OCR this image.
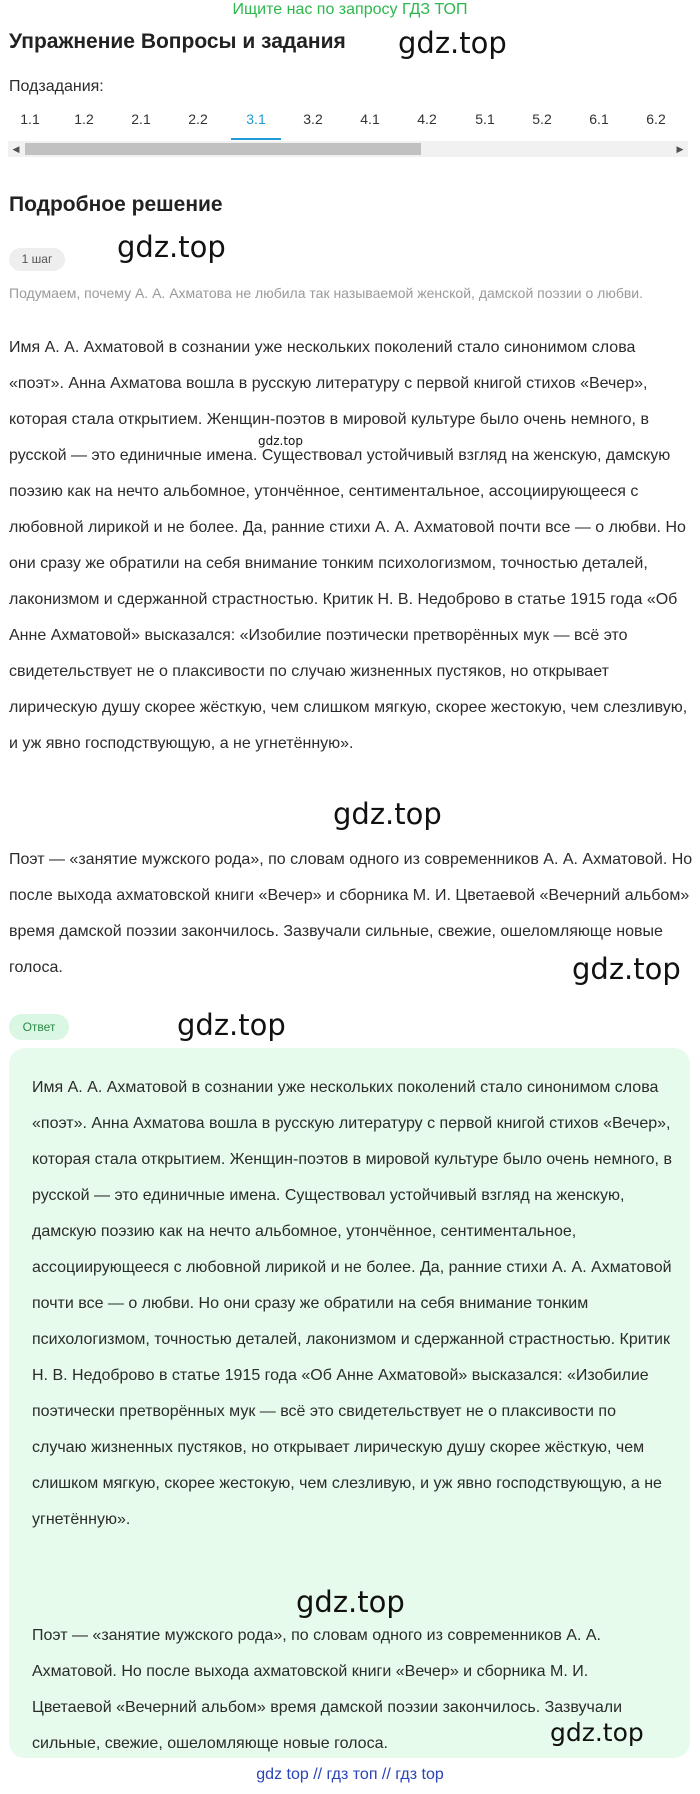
Ищите нас по запросу ГДЗ ТОП
Упражнение Вопросы и задания gdz.top
Подзадания:
1.1	1.2	2.1	2.2	3.1	3.2	4.1	4.2	5.1	5.2	6.1	6.2
◀	▶
Подробное решение
1 шаг	gdz.top
Подумаем, почему А. А. Ахматова не любила так называемой женской, дамской поэзии о любви.

Имя А. А. Ахматовой в сознании уже нескольких поколений стало синонимом слова «поэт». Анна Ахматова вошла в русскую литературу с первой книгой стихов «Вечер», которая стала открытием. Женщин-поэтов в мировой культуре было очень немного, в русской — это единичные имена. Существовал устойчивый взгляд на женскую, дамскую поэзию как на нечто альбомное, утончённое, сентиментальное, ассоциирующееся с любовной лирикой и не более. Да, ранние стихи А. А. Ахматовой почти все — о любви. Но они сразу же обратили на себя внимание тонким психологизмом, точностью деталей, лаконизмом и сдержанной страстностью. Критик Н. В. Недоброво в статье 1915 года «Об Анне Ахматовой» высказался: «Изобилие поэтически претворённых мук — всё это свидетельствует не о плаксивости по случаю жизненных пустяков, но открывает лирическую душу скорее жёсткую, чем слишком мягкую, скорее жестокую, чем слезливую, и уж явно господствующую, а не угнетённую».

gdz.top
gdz.top

Поэт — «занятие мужского рода», по словам одного из современников А. А. Ахматовой. Но после выхода ахматовской книги «Вечер» и сборника М. И. Цветаевой «Вечерний альбом» время дамской поэзии закончилось. Зазвучали сильные, свежие, ошеломляюще новые голоса.	gdz.top
Ответ	gdz.top

Имя А. А. Ахматовой в сознании уже нескольких поколений стало синонимом слова «поэт». Анна Ахматова вошла в русскую литературу с первой книгой стихов «Вечер», которая стала открытием. Женщин-поэтов в мировой культуре было очень немного, в русской — это единичные имена. Существовал устойчивый взгляд на женскую, дамскую поэзию как на нечто альбомное, утончённое, сентиментальное, ассоциирующееся с любовной лирикой и не более. Да, ранние стихи А. А. Ахматовой почти все — о любви. Но они сразу же обратили на себя внимание тонким психологизмом, точностью деталей, лаконизмом и сдержанной страстностью. Критик Н. В. Недоброво в статье 1915 года «Об Анне Ахматовой» высказался: «Изобилие поэтически претворённых мук — всё это свидетельствует не о плаксивости по случаю жизненных пустяков, но открывает лирическую душу скорее жёсткую, чем слишком мягкую, скорее жестокую, чем слезливую, и уж явно господствующую, а не угнетённую».

gdz.top

Поэт — «занятие мужского рода», по словам одного из современников А. А. Ахматовой. Но после выхода ахматовской книги «Вечер» и сборника М. И. Цветаевой «Вечерний альбом» время дамской поэзии закончилось. Зазвучали сильные, свежие, ошеломляюще новые голоса.	gdz.top
gdz top // гдз топ // гдз top
